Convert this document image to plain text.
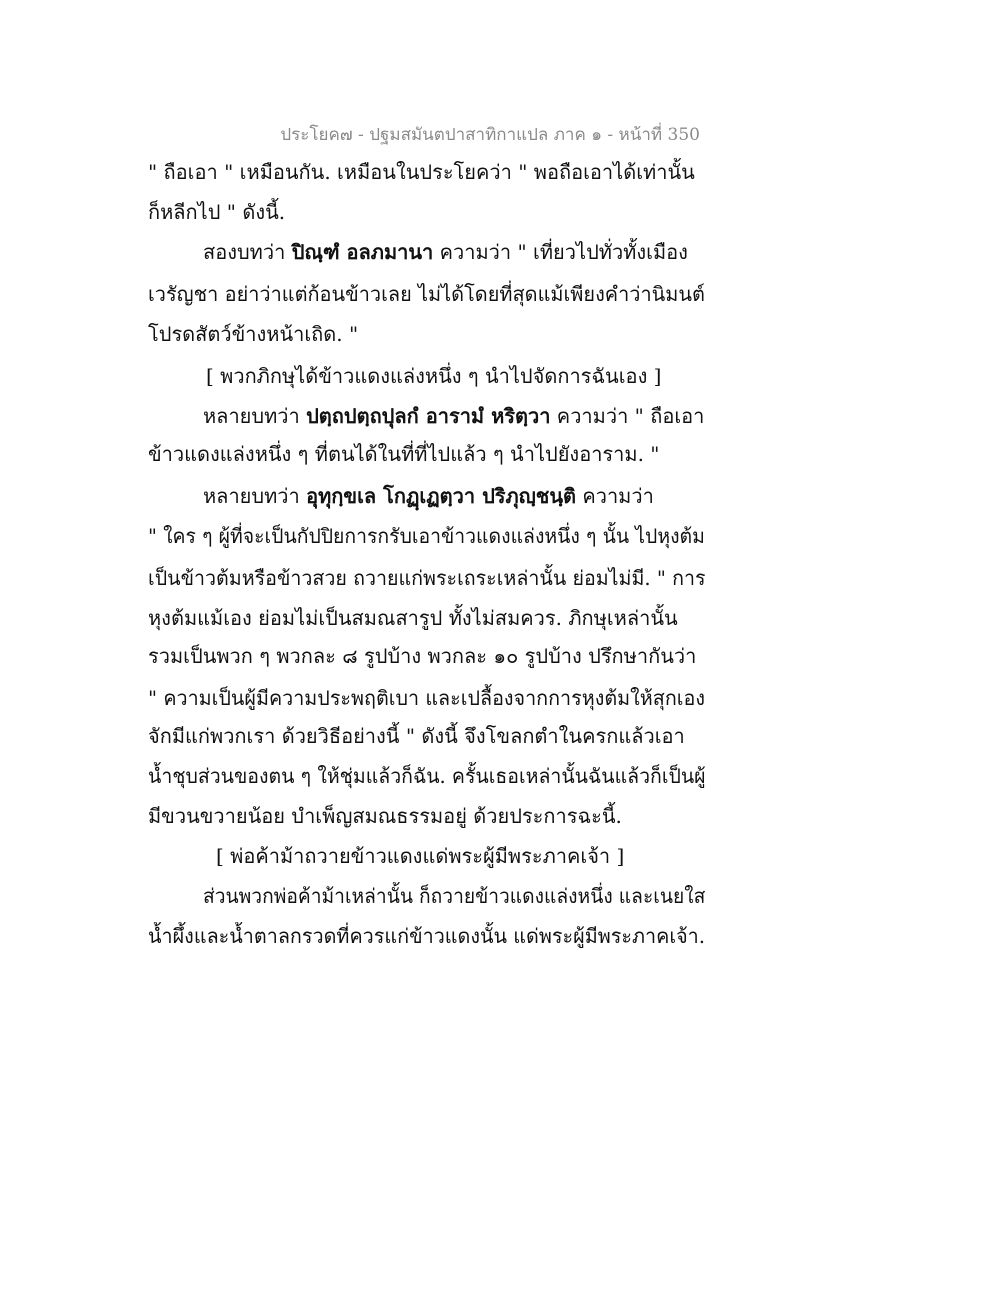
ประโยค๗ - ปฐมสมันตปาสาทิกาแปล ภาค ๑ - หน้าที่ 350
" ถือเอา " เหมือนกัน. เหมือนในประโยคว่า " พอถือเอาได้เท่านั้น
ก็หลีกไป " ดังนี้.
สองบทว่า ปิณฺฑํ อลภมานา ความว่า " เที่ยวไปทั่วทั้งเมือง
เวรัญชา อย่าว่าแต่ก้อนข้าวเลย ไม่ได้โดยที่สุดแม้เพียงคำว่านิมนต์
โปรดสัตว์ข้างหน้าเถิด. "
[ พวกภิกษุได้ข้าวแดงแล่งหนึ่ง ๆ นำไปจัดการฉันเอง ]
หลายบทว่า ปตฺถปตฺถปุลกํ อารามํ หริตฺวา ความว่า " ถือเอา
ข้าวแดงแล่งหนึ่ง ๆ ที่ตนได้ในที่ที่ไปแล้ว ๆ นำไปยังอาราม. "
หลายบทว่า อุทุกฺขเล โกฏฺเฏตฺวา ปริภุญฺชนฺติ ความว่า
" ใคร ๆ ผู้ที่จะเป็นกัปปิยการกรับเอาข้าวแดงแล่งหนึ่ง ๆ นั้น ไปหุงต้ม
เป็นข้าวต้มหรือข้าวสวย ถวายแก่พระเถระเหล่านั้น ย่อมไม่มี. " การ
หุงต้มแม้เอง ย่อมไม่เป็นสมณสารูป ทั้งไม่สมควร. ภิกษุเหล่านั้น
รวมเป็นพวก ๆ พวกละ ๘ รูปบ้าง พวกละ ๑๐ รูปบ้าง ปรึกษากันว่า
" ความเป็นผู้มีความประพฤติเบา และเปลื้องจากการหุงต้มให้สุกเอง
จักมีแก่พวกเรา ด้วยวิธีอย่างนี้ " ดังนี้ จึงโขลกตำในครกแล้วเอา
น้ำชุบส่วนของตน ๆ ให้ชุ่มแล้วก็ฉัน. ครั้นเธอเหล่านั้นฉันแล้วก็เป็นผู้
มีขวนขวายน้อย บำเพ็ญสมณธรรมอยู่ ด้วยประการฉะนี้.
[ พ่อค้าม้าถวายข้าวแดงแด่พระผู้มีพระภาคเจ้า ]
ส่วนพวกพ่อค้าม้าเหล่านั้น ก็ถวายข้าวแดงแล่งหนึ่ง และเนยใส
น้ำผึ้งและน้ำตาลกรวดที่ควรแก่ข้าวแดงนั้น แด่พระผู้มีพระภาคเจ้า.
